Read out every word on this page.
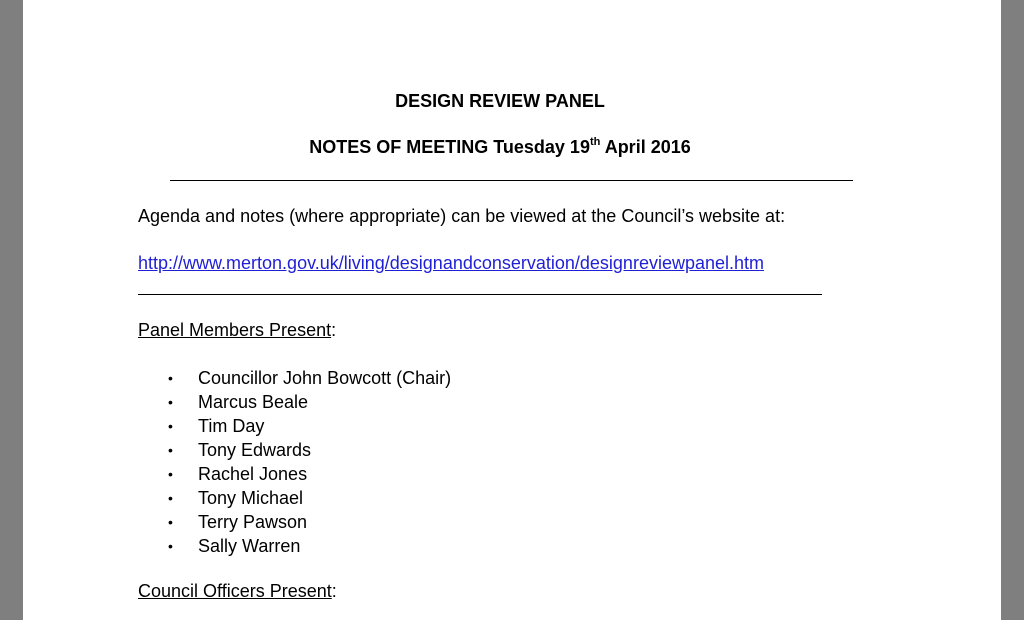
DESIGN REVIEW PANEL
NOTES OF MEETING Tuesday 19th April 2016
Agenda and notes (where appropriate) can be viewed at the Council’s website at:
http://www.merton.gov.uk/living/designandconservation/designreviewpanel.htm
Panel Members Present:
• Councillor John Bowcott (Chair)
• Marcus Beale
• Tim Day
• Tony Edwards
• Rachel Jones
• Tony Michael
• Terry Pawson
• Sally Warren
Council Officers Present:
